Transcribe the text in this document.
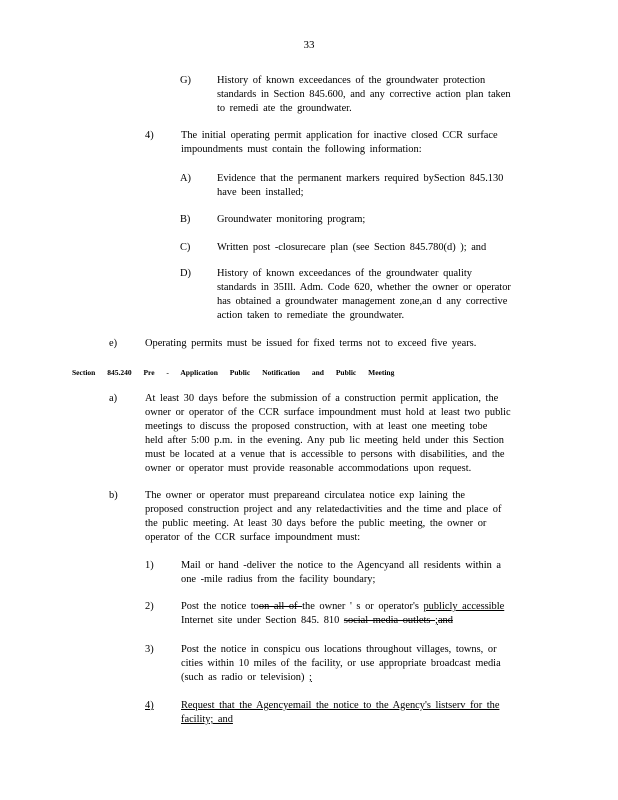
33
G)	History of known exceedances of the groundwater protection
standards in Section 845.600, and any corrective action plan taken
to remedi ate the groundwater.
4)	The initial operating permit application for inactive closed CCR surface
impoundments must contain the following information:
A)	Evidence that the permanent markers required bySection 845.130
have been installed;
B)	Groundwater monitoring program;
C)	Written post -closurecare plan (see Section 845.780(d) ); and
D)	History of known exceedances of the groundwater quality
standards in 35Ill. Adm. Code 620, whether the owner or operator
has obtained a groundwater management zone,an d any corrective
action taken to remediate the groundwater.
e)	Operating permits must be issued for fixed terms not to exceed five years.
Section 845.240 Pre - Application Public Notification and Public Meeting
a)	At least 30 days before the submission of a construction permit application, the
owner or operator of the CCR surface impoundment must hold at least two public
meetings to discuss the proposed construction, with at least one meeting tobe
held after 5:00 p.m. in the evening. Any pub lic meeting held under this Section
must be located at a venue that is accessible to persons with disabilities, and the
owner or operator must provide reasonable accommodations upon request.
b)	The owner or operator must prepareand circulatea notice exp laining the
proposed construction project and any relatedactivities and the time and place of
the public meeting. At least 30 days before the public meeting, the owner or
operator of the CCR surface impoundment must:
1)	Mail or hand -deliver the notice to the Agencyand all residents within a
one -mile radius from the facility boundary;
2)	Post the notice toon all of the owner ' s or operator's publicly accessible
Internet site under Section 845. 810 social media outlets ;and
3)	Post the notice in conspicu ous locations throughout villages, towns, or
cities within 10 miles of the facility, or use appropriate broadcast media
(such as radio or television) ;
4)	Request that the Agencyemail the notice to the Agency's listserv for the
facility; and
